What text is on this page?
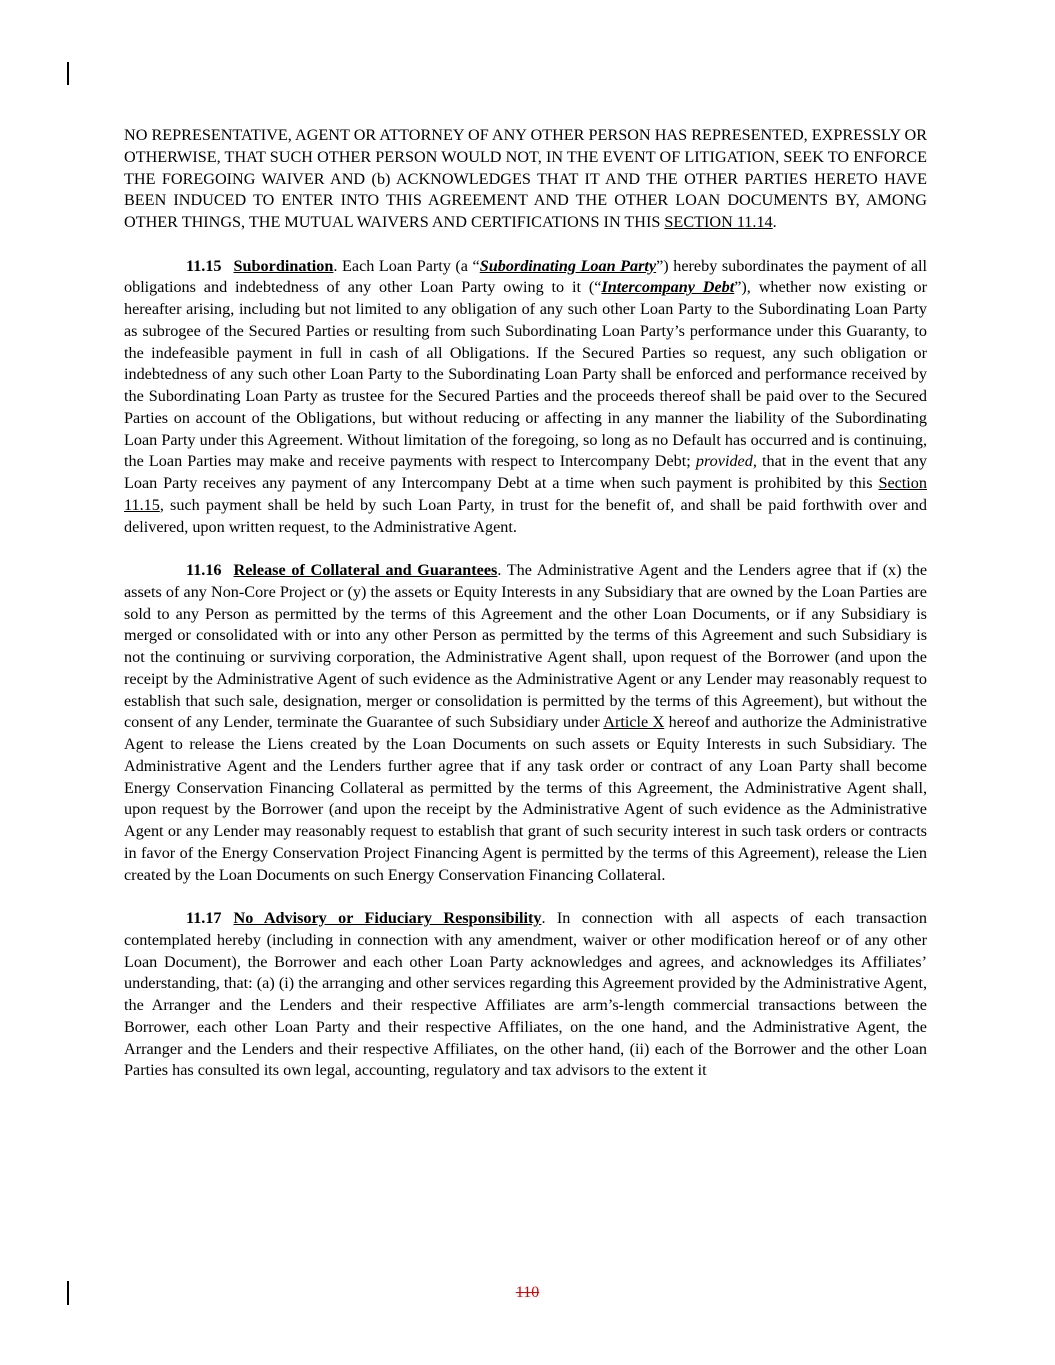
NO REPRESENTATIVE, AGENT OR ATTORNEY OF ANY OTHER PERSON HAS REPRESENTED, EXPRESSLY OR OTHERWISE, THAT SUCH OTHER PERSON WOULD NOT, IN THE EVENT OF LITIGATION, SEEK TO ENFORCE THE FOREGOING WAIVER AND (b) ACKNOWLEDGES THAT IT AND THE OTHER PARTIES HERETO HAVE BEEN INDUCED TO ENTER INTO THIS AGREEMENT AND THE OTHER LOAN DOCUMENTS BY, AMONG OTHER THINGS, THE MUTUAL WAIVERS AND CERTIFICATIONS IN THIS SECTION 11.14.

11.15 Subordination. Each Loan Party (a “Subordinating Loan Party”) hereby subordinates the payment of all obligations and indebtedness of any other Loan Party owing to it (“Intercompany Debt”), whether now existing or hereafter arising, including but not limited to any obligation of any such other Loan Party to the Subordinating Loan Party as subrogee of the Secured Parties or resulting from such Subordinating Loan Party’s performance under this Guaranty, to the indefeasible payment in full in cash of all Obligations. If the Secured Parties so request, any such obligation or indebtedness of any such other Loan Party to the Subordinating Loan Party shall be enforced and performance received by the Subordinating Loan Party as trustee for the Secured Parties and the proceeds thereof shall be paid over to the Secured Parties on account of the Obligations, but without reducing or affecting in any manner the liability of the Subordinating Loan Party under this Agreement. Without limitation of the foregoing, so long as no Default has occurred and is continuing, the Loan Parties may make and receive payments with respect to Intercompany Debt; provided, that in the event that any Loan Party receives any payment of any Intercompany Debt at a time when such payment is prohibited by this Section 11.15, such payment shall be held by such Loan Party, in trust for the benefit of, and shall be paid forthwith over and delivered, upon written request, to the Administrative Agent.

11.16 Release of Collateral and Guarantees. The Administrative Agent and the Lenders agree that if (x) the assets of any Non-Core Project or (y) the assets or Equity Interests in any Subsidiary that are owned by the Loan Parties are sold to any Person as permitted by the terms of this Agreement and the other Loan Documents, or if any Subsidiary is merged or consolidated with or into any other Person as permitted by the terms of this Agreement and such Subsidiary is not the continuing or surviving corporation, the Administrative Agent shall, upon request of the Borrower (and upon the receipt by the Administrative Agent of such evidence as the Administrative Agent or any Lender may reasonably request to establish that such sale, designation, merger or consolidation is permitted by the terms of this Agreement), but without the consent of any Lender, terminate the Guarantee of such Subsidiary under Article X hereof and authorize the Administrative Agent to release the Liens created by the Loan Documents on such assets or Equity Interests in such Subsidiary. The Administrative Agent and the Lenders further agree that if any task order or contract of any Loan Party shall become Energy Conservation Financing Collateral as permitted by the terms of this Agreement, the Administrative Agent shall, upon request by the Borrower (and upon the receipt by the Administrative Agent of such evidence as the Administrative Agent or any Lender may reasonably request to establish that grant of such security interest in such task orders or contracts in favor of the Energy Conservation Project Financing Agent is permitted by the terms of this Agreement), release the Lien created by the Loan Documents on such Energy Conservation Financing Collateral.

11.17 No Advisory or Fiduciary Responsibility. In connection with all aspects of each transaction contemplated hereby (including in connection with any amendment, waiver or other modification hereof or of any other Loan Document), the Borrower and each other Loan Party acknowledges and agrees, and acknowledges its Affiliates’ understanding, that: (a) (i) the arranging and other services regarding this Agreement provided by the Administrative Agent, the Arranger and the Lenders and their respective Affiliates are arm’s-length commercial transactions between the Borrower, each other Loan Party and their respective Affiliates, on the one hand, and the Administrative Agent, the Arranger and the Lenders and their respective Affiliates, on the other hand, (ii) each of the Borrower and the other Loan Parties has consulted its own legal, accounting, regulatory and tax advisors to the extent it

110
